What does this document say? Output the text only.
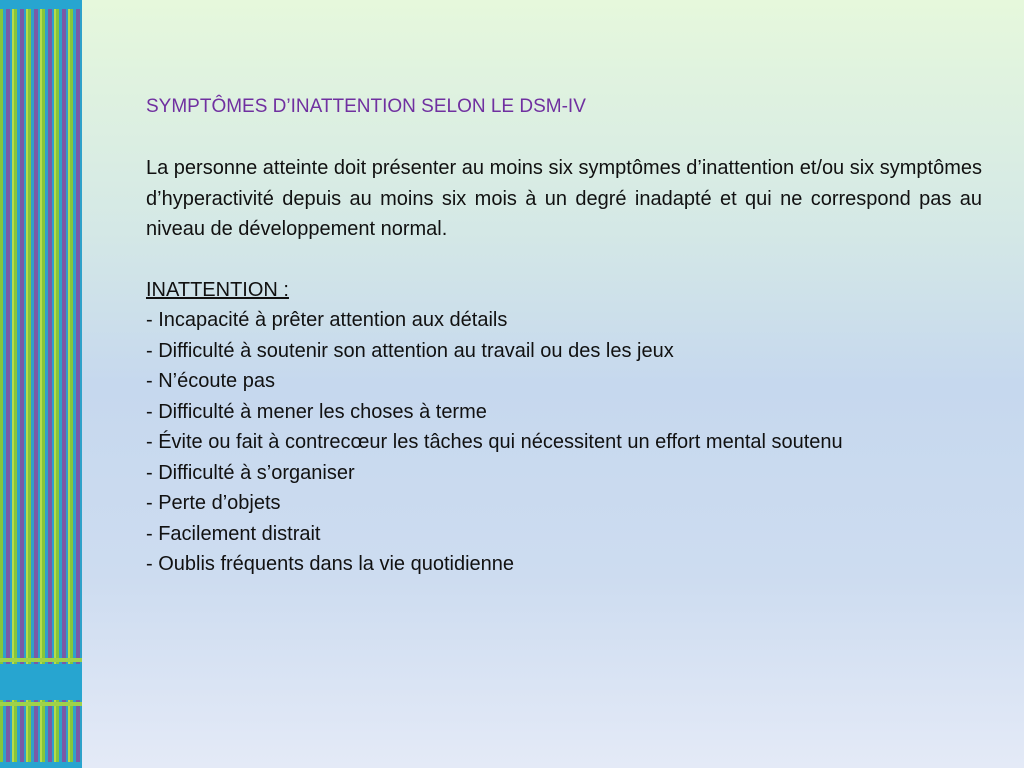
SYMPTÔMES D’INATTENTION SELON LE DSM-IV

La personne atteinte doit présenter au moins six symptômes d’inattention et/ou six symptômes d’hyperactivité depuis au moins six mois à un degré inadapté et qui ne correspond pas au niveau de développement normal.

INATTENTION :
- Incapacité à prêter attention aux détails
- Difficulté à soutenir son attention au travail ou des les jeux
- N’écoute pas
- Difficulté à mener les choses à terme
- Évite ou fait à contrecœur les tâches qui nécessitent un effort mental soutenu
- Difficulté à s’organiser
- Perte d’objets
- Facilement distrait
- Oublis fréquents dans la vie quotidienne
